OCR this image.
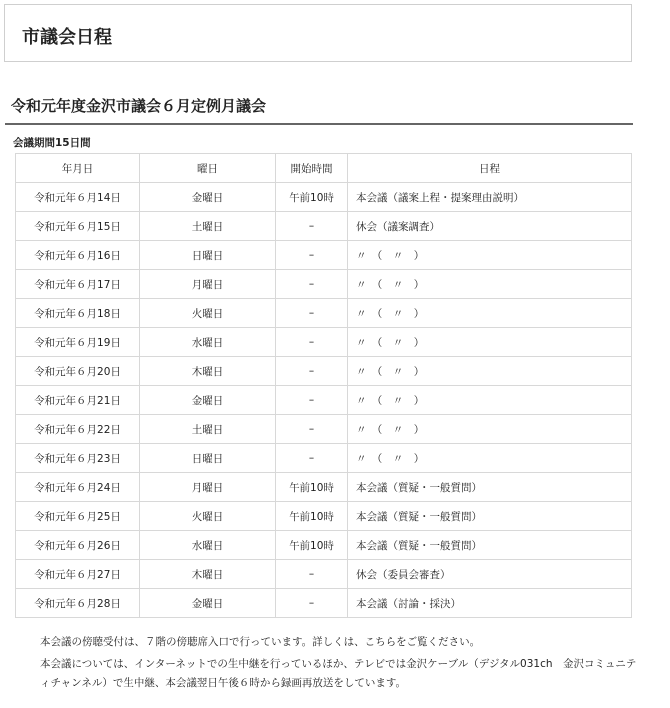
市議会日程
令和元年度金沢市議会６月定例月議会
会議期間15日間
年月日	曜日	開始時間	日程
令和元年６月14日	金曜日	午前10時	本会議（議案上程・提案理由説明）
令和元年６月15日	土曜日	–	休会（議案調査）
令和元年６月16日	日曜日	–	〃　（　〃　）
令和元年６月17日	月曜日	–	〃　（　〃　）
令和元年６月18日	火曜日	–	〃　（　〃　）
令和元年６月19日	水曜日	–	〃　（　〃　）
令和元年６月20日	木曜日	–	〃　（　〃　）
令和元年６月21日	金曜日	–	〃　（　〃　）
令和元年６月22日	土曜日	–	〃　（　〃　）
令和元年６月23日	日曜日	–	〃　（　〃　）
令和元年６月24日	月曜日	午前10時	本会議（質疑・一般質問）
令和元年６月25日	火曜日	午前10時	本会議（質疑・一般質問）
令和元年６月26日	水曜日	午前10時	本会議（質疑・一般質問）
令和元年６月27日	木曜日	–	休会（委員会審査）
令和元年６月28日	金曜日	–	本会議（討論・採決）

本会議の傍聴受付は、７階の傍聴席入口で行っています。詳しくは、こちらをご覧ください。

本会議については、インターネットでの生中継を行っているほか、テレビでは金沢ケーブル（デジタル031ch　金沢コミュニティチャンネル）で生中継、本会議翌日午後６時から録画再放送をしています。
